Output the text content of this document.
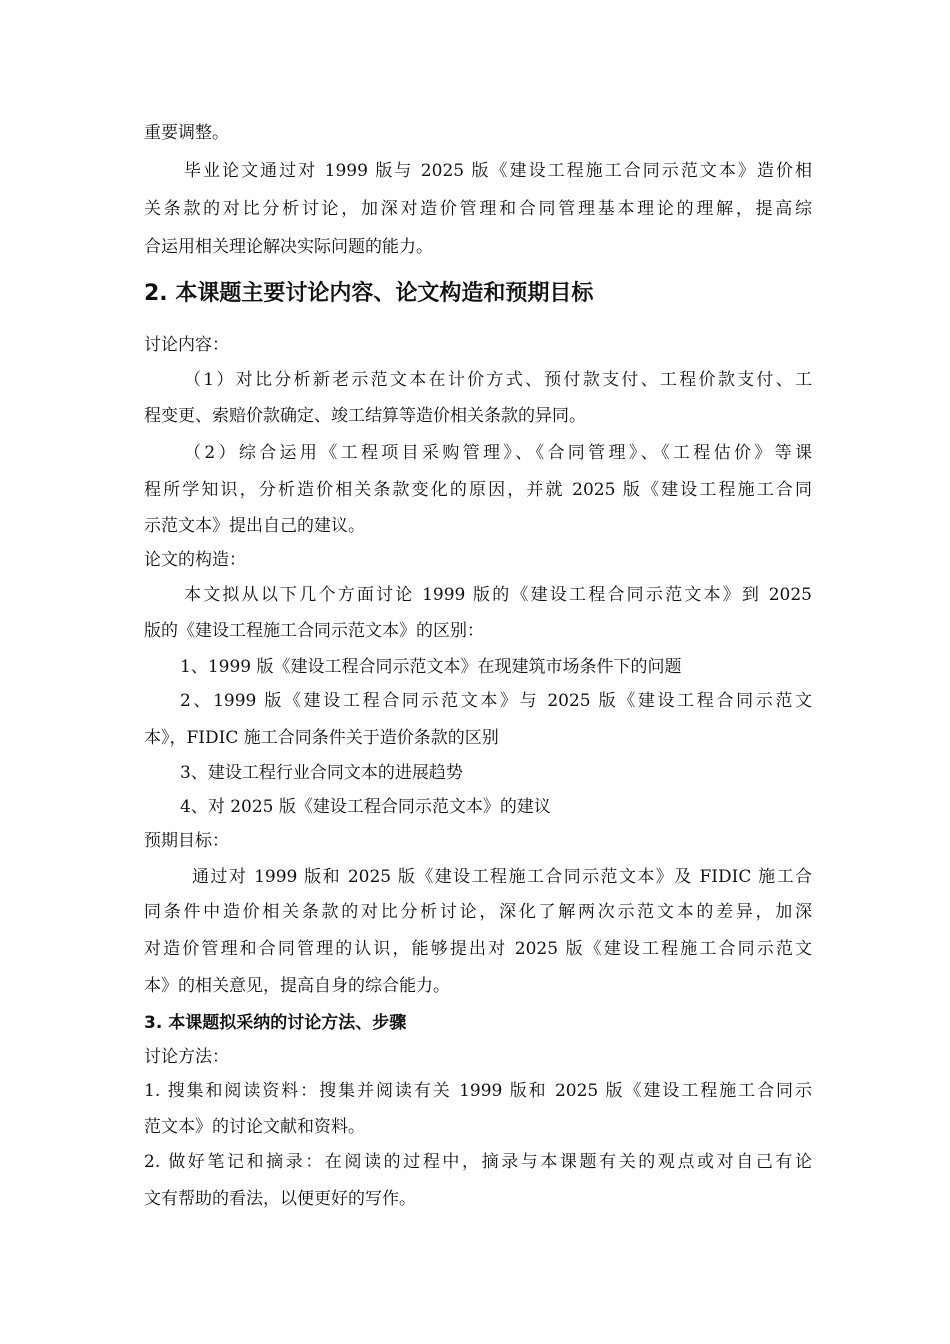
重要调整。
毕业论文通过对 1999 版与 2025 版《建设工程施工合同示范文本》造价相
关条款的对比分析讨论，加深对造价管理和合同管理基本理论的理解，提高综
合运用相关理论解决实际问题的能力。
2. 本课题主要讨论内容、论文构造和预期目标
讨论内容：
（1）对比分析新老示范文本在计价方式、预付款支付、工程价款支付、工
程变更、索赔价款确定、竣工结算等造价相关条款的异同。
（2）综合运用《工程项目采购管理》、《合同管理》、《工程估价》等课
程所学知识，分析造价相关条款变化的原因，并就 2025 版《建设工程施工合同
示范文本》提出自己的建议。
论文的构造：
本文拟从以下几个方面讨论 1999 版的《建设工程合同示范文本》到 2025
版的《建设工程施工合同示范文本》的区别：
1、1999 版《建设工程合同示范文本》在现建筑市场条件下的问题
2、1999 版《建设工程合同示范文本》与 2025 版《建设工程合同示范文
本》，FIDIC 施工合同条件关于造价条款的区别
3、建设工程行业合同文本的进展趋势
4、对 2025 版《建设工程合同示范文本》的建议
预期目标：
通过对 1999 版和 2025 版《建设工程施工合同示范文本》及 FIDIC 施工合
同条件中造价相关条款的对比分析讨论，深化了解两次示范文本的差异，加深
对造价管理和合同管理的认识，能够提出对 2025 版《建设工程施工合同示范文
本》的相关意见，提高自身的综合能力。
3. 本课题拟采纳的讨论方法、步骤
讨论方法：
1. 搜集和阅读资料：搜集并阅读有关 1999 版和 2025 版《建设工程施工合同示
范文本》的讨论文献和资料。
2. 做好笔记和摘录：在阅读的过程中，摘录与本课题有关的观点或对自己有论
文有帮助的看法，以便更好的写作。
